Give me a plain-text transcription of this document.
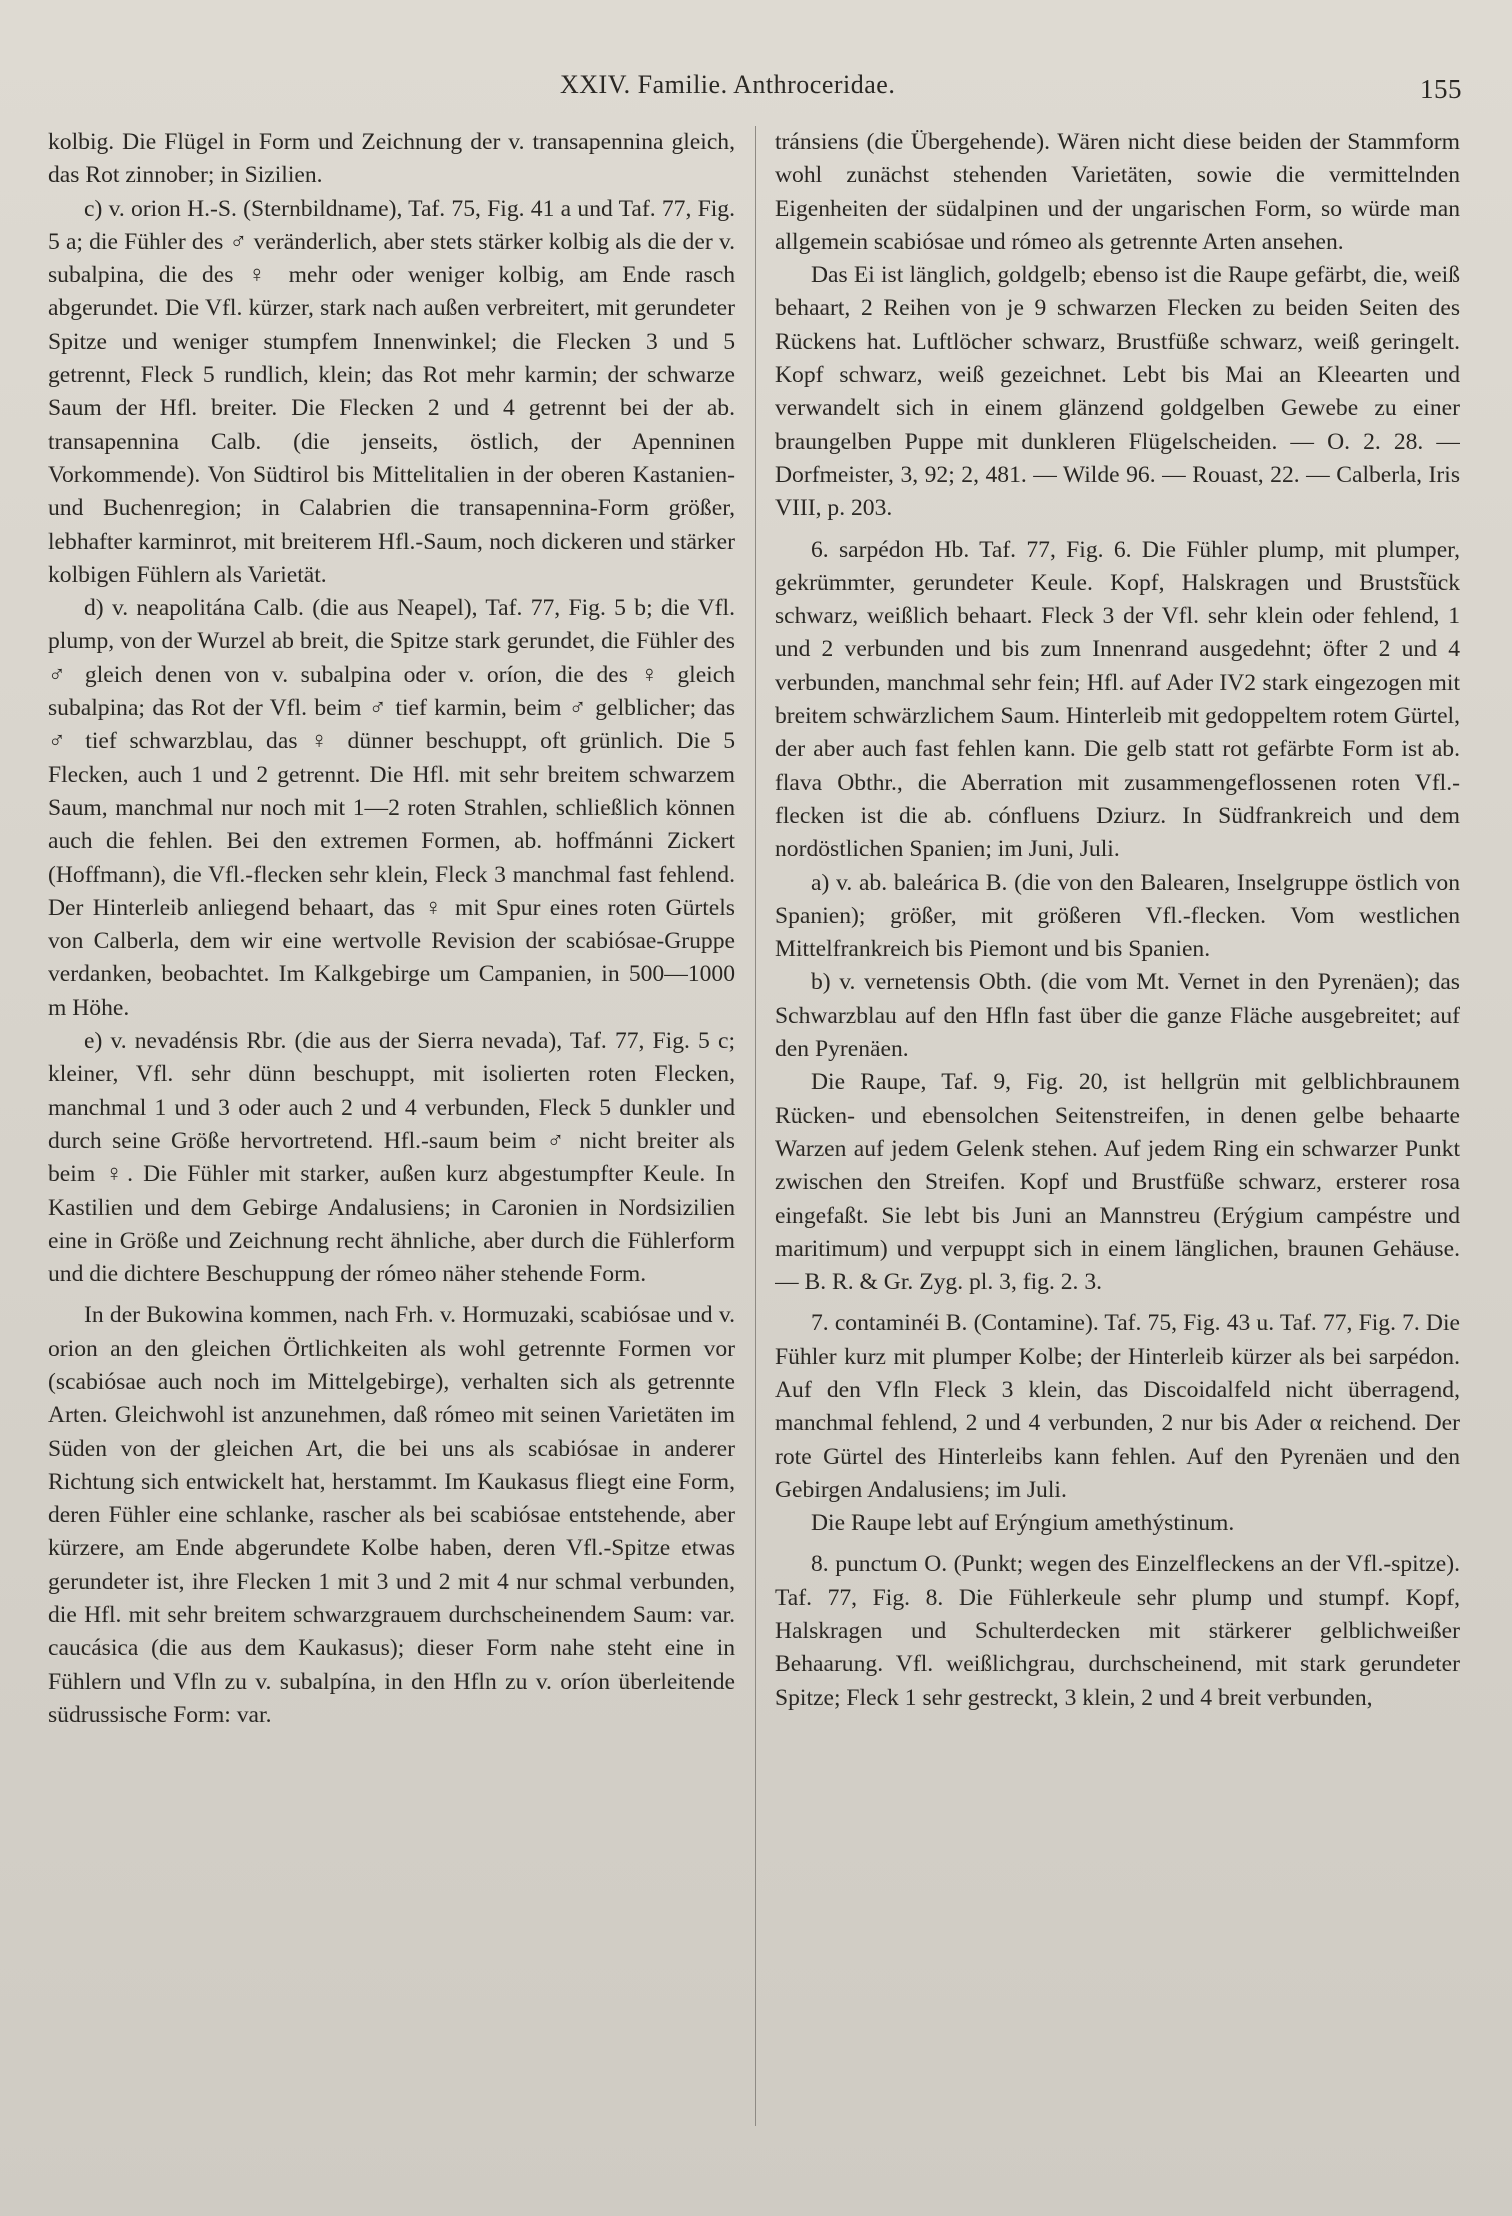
XXIV. Familie. Anthroceridae.	155

kolbig. Die Flügel in Form und Zeichnung der v. transapennina gleich, das Rot zinnober; in Sizilien.

c) v. orion H.-S. (Sternbildname), Taf. 75, Fig. 41 a und Taf. 77, Fig. 5 a; die Fühler des ♂ veränderlich, aber stets stärker kolbig als die der v. subalpina, die des ♀ mehr oder weniger kolbig, am Ende rasch abgerundet. Die Vfl. kürzer, stark nach außen verbreitert, mit gerundeter Spitze und weniger stumpfem Innenwinkel; die Flecken 3 und 5 getrennt, Fleck 5 rundlich, klein; das Rot mehr karmin; der schwarze Saum der Hfl. breiter. Die Flecken 2 und 4 getrennt bei der ab. transapennina Calb. (die jenseits, östlich, der Apenninen Vorkommende). Von Südtirol bis Mittelitalien in der oberen Kastanien- und Buchenregion; in Calabrien die transapennina-Form größer, lebhafter karminrot, mit breiterem Hfl.-Saum, noch dickeren und stärker kolbigen Fühlern als Varietät.

d) v. neapolitána Calb. (die aus Neapel), Taf. 77, Fig. 5 b; die Vfl. plump, von der Wurzel ab breit, die Spitze stark gerundet, die Fühler des ♂ gleich denen von v. subalpina oder v. oríon, die des ♀ gleich subalpina; das Rot der Vfl. beim ♂ tief karmin, beim ♂ gelblicher; das ♂ tief schwarzblau, das ♀ dünner beschuppt, oft grünlich. Die 5 Flecken, auch 1 und 2 getrennt. Die Hfl. mit sehr breitem schwarzem Saum, manchmal nur noch mit 1—2 roten Strahlen, schließlich können auch die fehlen. Bei den extremen Formen, ab. hoffmánni Zickert (Hoffmann), die Vfl.-flecken sehr klein, Fleck 3 manchmal fast fehlend. Der Hinterleib anliegend behaart, das ♀ mit Spur eines roten Gürtels von Calberla, dem wir eine wertvolle Revision der scabiósae-Gruppe verdanken, beobachtet. Im Kalkgebirge um Campanien, in 500—1000 m Höhe.

e) v. nevadénsis Rbr. (die aus der Sierra nevada), Taf. 77, Fig. 5 c; kleiner, Vfl. sehr dünn beschuppt, mit isolierten roten Flecken, manchmal 1 und 3 oder auch 2 und 4 verbunden, Fleck 5 dunkler und durch seine Größe hervortretend. Hfl.-saum beim ♂ nicht breiter als beim ♀. Die Fühler mit starker, außen kurz abgestumpfter Keule. In Kastilien und dem Gebirge Andalusiens; in Caronien in Nordsizilien eine in Größe und Zeichnung recht ähnliche, aber durch die Fühlerform und die dichtere Beschuppung der rómeo näher stehende Form.

In der Bukowina kommen, nach Frh. v. Hormuzaki, scabiósae und v. orion an den gleichen Örtlichkeiten als wohl getrennte Formen vor (scabiósae auch noch im Mittelgebirge), verhalten sich als getrennte Arten. Gleichwohl ist anzunehmen, daß rómeo mit seinen Varietäten im Süden von der gleichen Art, die bei uns als scabiósae in anderer Richtung sich entwickelt hat, herstammt. Im Kaukasus fliegt eine Form, deren Fühler eine schlanke, rascher als bei scabiósae entstehende, aber kürzere, am Ende abgerundete Kolbe haben, deren Vfl.-Spitze etwas gerundeter ist, ihre Flecken 1 mit 3 und 2 mit 4 nur schmal verbunden, die Hfl. mit sehr breitem schwarzgrauem durchscheinendem Saum: var. caucásica (die aus dem Kaukasus); dieser Form nahe steht eine in Fühlern und Vfln zu v. subalpína, in den Hfln zu v. oríon überleitende südrussische Form: var.

tránsiens (die Übergehende). Wären nicht diese beiden der Stammform wohl zunächst stehenden Varietäten, sowie die vermittelnden Eigenheiten der südalpinen und der ungarischen Form, so würde man allgemein scabiósae und rómeo als getrennte Arten ansehen.

Das Ei ist länglich, goldgelb; ebenso ist die Raupe gefärbt, die, weiß behaart, 2 Reihen von je 9 schwarzen Flecken zu beiden Seiten des Rückens hat. Luftlöcher schwarz, Brustfüße schwarz, weiß geringelt. Kopf schwarz, weiß gezeichnet. Lebt bis Mai an Kleearten und verwandelt sich in einem glänzend goldgelben Gewebe zu einer braungelben Puppe mit dunkleren Flügelscheiden. — O. 2. 28. — Dorfmeister, 3, 92; 2, 481. — Wilde 96. — Rouast, 22. — Calberla, Iris VIII, p. 203.

6. sarpédon Hb. Taf. 77, Fig. 6. Die Fühler plump, mit plumper, gekrümmter, gerundeter Keule. Kopf, Halskragen und Brustst̃ück schwarz, weißlich behaart. Fleck 3 der Vfl. sehr klein oder fehlend, 1 und 2 verbunden und bis zum Innenrand ausgedehnt; öfter 2 und 4 verbunden, manchmal sehr fein; Hfl. auf Ader IV2 stark eingezogen mit breitem schwärzlichem Saum. Hinterleib mit gedoppeltem rotem Gürtel, der aber auch fast fehlen kann. Die gelb statt rot gefärbte Form ist ab. flava Obthr., die Aberration mit zusammengeflossenen roten Vfl.-flecken ist die ab. cónfluens Dziurz. In Südfrankreich und dem nordöstlichen Spanien; im Juni, Juli.

a) v. ab. baleárica B. (die von den Balearen, Inselgruppe östlich von Spanien); größer, mit größeren Vfl.-flecken. Vom westlichen Mittelfrankreich bis Piemont und bis Spanien.

b) v. vernetensis Obth. (die vom Mt. Vernet in den Pyrenäen); das Schwarzblau auf den Hfln fast über die ganze Fläche ausgebreitet; auf den Pyrenäen.

Die Raupe, Taf. 9, Fig. 20, ist hellgrün mit gelblichbraunem Rücken- und ebensolchen Seitenstreifen, in denen gelbe behaarte Warzen auf jedem Gelenk stehen. Auf jedem Ring ein schwarzer Punkt zwischen den Streifen. Kopf und Brustfüße schwarz, ersterer rosa eingefaßt. Sie lebt bis Juni an Mannstreu (Erýgium campéstre und maritimum) und verpuppt sich in einem länglichen, braunen Gehäuse. — B. R. & Gr. Zyg. pl. 3, fig. 2. 3.

7. contaminéi B. (Contamine). Taf. 75, Fig. 43 u. Taf. 77, Fig. 7. Die Fühler kurz mit plumper Kolbe; der Hinterleib kürzer als bei sarpédon. Auf den Vfln Fleck 3 klein, das Discoidalfeld nicht überragend, manchmal fehlend, 2 und 4 verbunden, 2 nur bis Ader α reichend. Der rote Gürtel des Hinterleibs kann fehlen. Auf den Pyrenäen und den Gebirgen Andalusiens; im Juli.

Die Raupe lebt auf Erýngium amethýstinum.

8. punctum O. (Punkt; wegen des Einzelfleckens an der Vfl.-spitze). Taf. 77, Fig. 8. Die Fühlerkeule sehr plump und stumpf. Kopf, Halskragen und Schulterdecken mit stärkerer gelblichweißer Behaarung. Vfl. weißlichgrau, durchscheinend, mit stark gerundeter Spitze; Fleck 1 sehr gestreckt, 3 klein, 2 und 4 breit verbunden,
